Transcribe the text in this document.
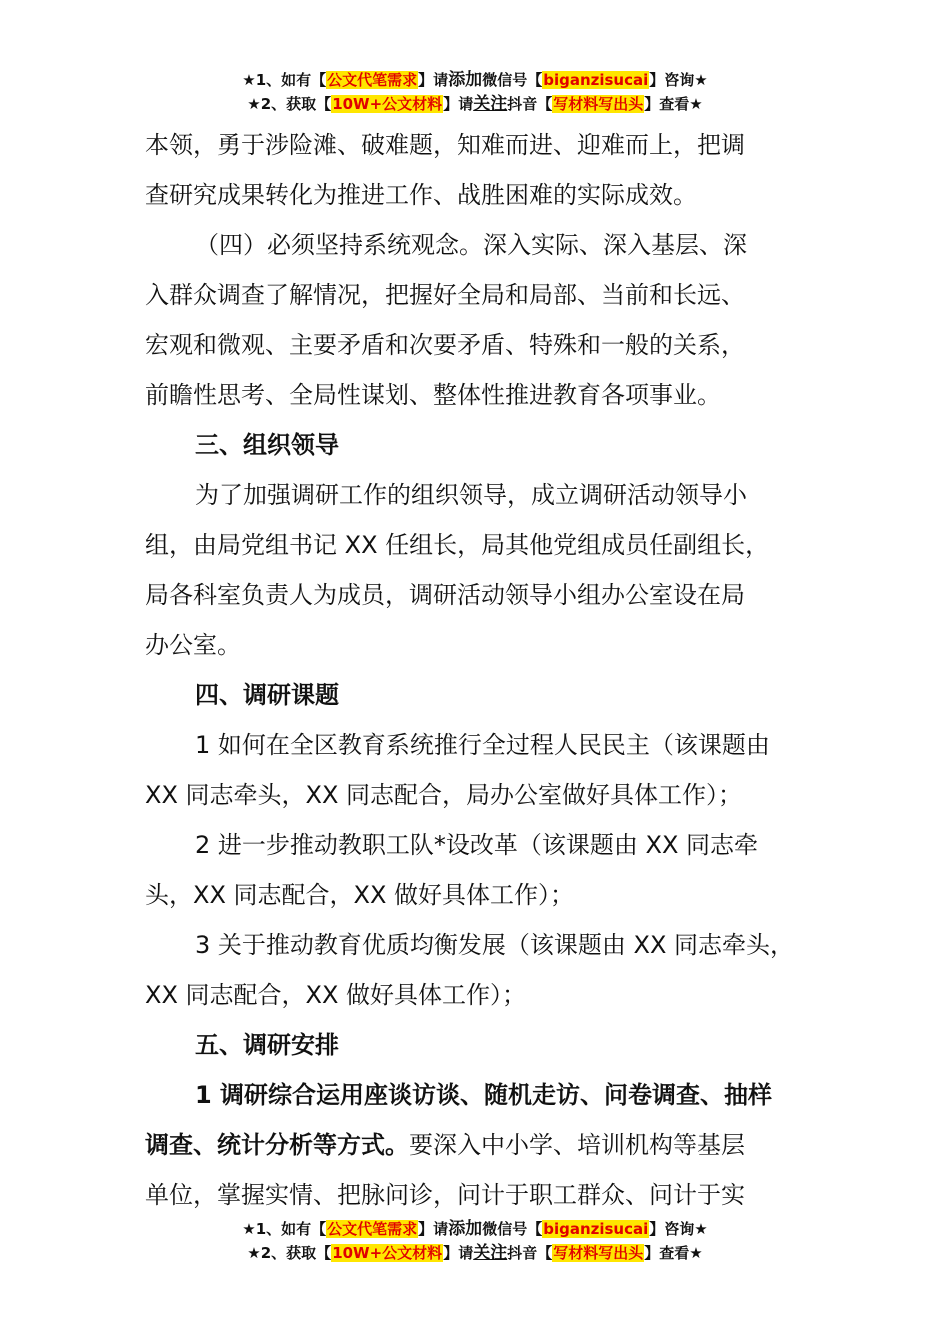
★1、如有【公文代笔需求】请添加微信号【biganzisucai】咨询★
★2、获取【10W+公文材料】请关注抖音【写材料写出头】查看★

本领，勇于涉险滩、破难题，知难而进、迎难而上，把调

查研究成果转化为推进工作、战胜困难的实际成效。

（四）必须坚持系统观念。深入实际、深入基层、深

入群众调查了解情况，把握好全局和局部、当前和长远、

宏观和微观、主要矛盾和次要矛盾、特殊和一般的关系，

前瞻性思考、全局性谋划、整体性推进教育各项事业。

三、组织领导

为了加强调研工作的组织领导，成立调研活动领导小

组，由局党组书记 XX 任组长，局其他党组成员任副组长，

局各科室负责人为成员，调研活动领导小组办公室设在局

办公室。

四、调研课题

1 如何在全区教育系统推行全过程人民民主（该课题由

XX 同志牵头，XX 同志配合，局办公室做好具体工作）；

2 进一步推动教职工队*设改革（该课题由 XX 同志牵

头，XX 同志配合，XX 做好具体工作）；

3 关于推动教育优质均衡发展（该课题由 XX 同志牵头，

XX 同志配合，XX 做好具体工作）；

五、调研安排

1 调研综合运用座谈访谈、随机走访、问卷调查、抽样

调查、统计分析等方式。要深入中小学、培训机构等基层

单位，掌握实情、把脉问诊，问计于职工群众、问计于实

★1、如有【公文代笔需求】请添加微信号【biganzisucai】咨询★
★2、获取【10W+公文材料】请关注抖音【写材料写出头】查看★
